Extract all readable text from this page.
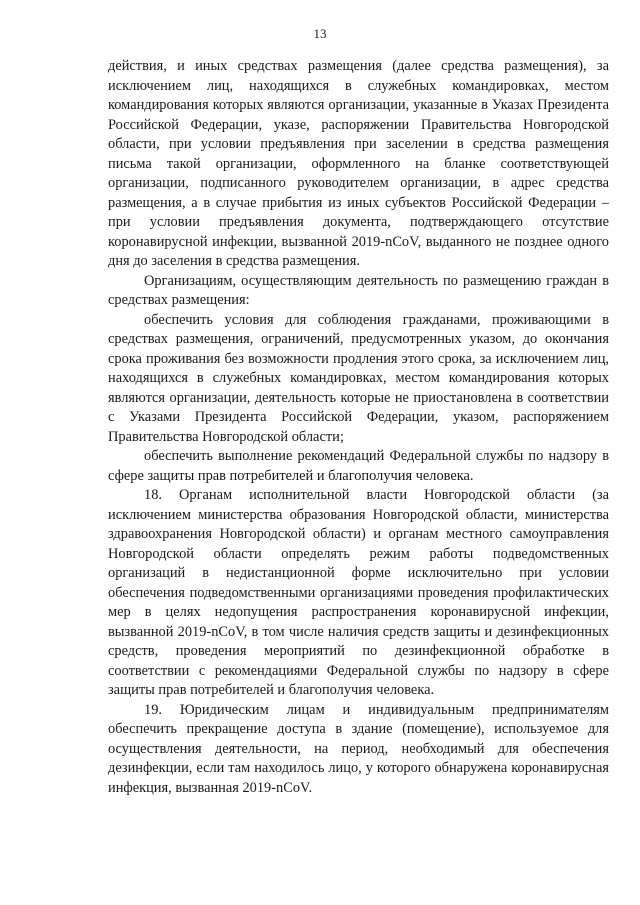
13

действия, и иных средствах размещения (далее средства размещения), за исключением лиц, находящихся в служебных командировках, местом командирования которых являются организации, указанные в Указах Президента Российской Федерации, указе, распоряжении Правительства Новгородской области, при условии предъявления при заселении в средства размещения письма такой организации, оформленного на бланке соответствующей организации, подписанного руководителем организации, в адрес средства размещения, а в случае прибытия из иных субъектов Российской Федерации – при условии предъявления документа, подтверждающего отсутствие коронавирусной инфекции, вызванной 2019-nCoV, выданного не позднее одного дня до заселения в средства размещения.

Организациям, осуществляющим деятельность по размещению граждан в средствах размещения:

обеспечить условия для соблюдения гражданами, проживающими в средствах размещения, ограничений, предусмотренных указом, до окончания срока проживания без возможности продления этого срока, за исключением лиц, находящихся в служебных командировках, местом командирования которых являются организации, деятельность которые не приостановлена в соответствии с Указами Президента Российской Федерации, указом, распоряжением Правительства Новгородской области;

обеспечить выполнение рекомендаций Федеральной службы по надзору в сфере защиты прав потребителей и благополучия человека.

18. Органам исполнительной власти Новгородской области (за исключением министерства образования Новгородской области, министерства здравоохранения Новгородской области) и органам местного самоуправления Новгородской области определять режим работы подведомственных организаций в недистанционной форме исключительно при условии обеспечения подведомственными организациями проведения профилактических мер в целях недопущения распространения коронавирусной инфекции, вызванной 2019-nCoV, в том числе наличия средств защиты и дезинфекционных средств, проведения мероприятий по дезинфекционной обработке в соответствии с рекомендациями Федеральной службы по надзору в сфере защиты прав потребителей и благополучия человека.

19. Юридическим лицам и индивидуальным предпринимателям обеспечить прекращение доступа в здание (помещение), используемое для осуществления деятельности, на период, необходимый для обеспечения дезинфекции, если там находилось лицо, у которого обнаружена коронавирусная инфекция, вызванная 2019-nCoV.
